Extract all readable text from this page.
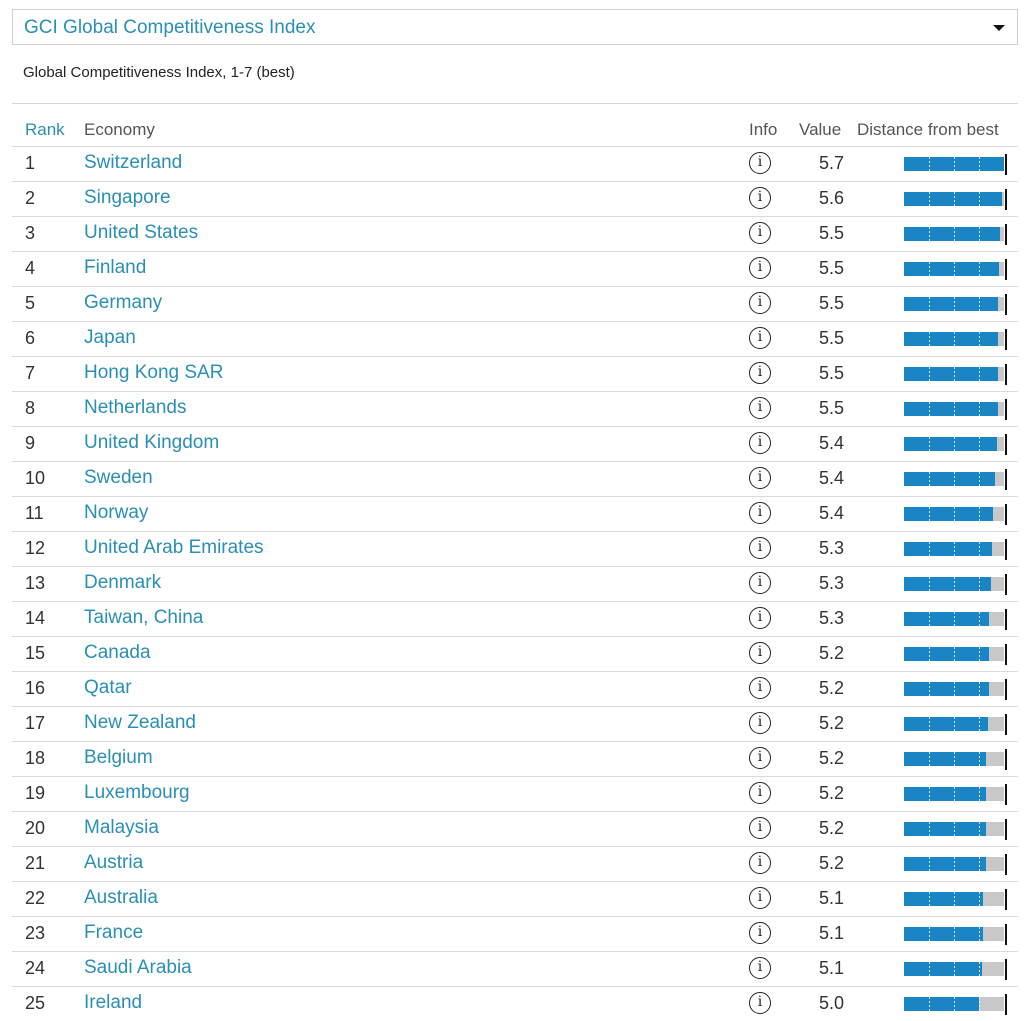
GCI Global Competitiveness Index
Global Competitiveness Index, 1-7 (best)
Rank Economy	Info Value Distance from best
1	Switzerland	i	5.7
2	Singapore	i	5.6
3	United States	i	5.5
4	Finland	i	5.5
5	Germany	i	5.5
6	Japan	i	5.5
7	Hong Kong SAR	i	5.5
8	Netherlands	i	5.5
9	United Kingdom	i	5.4
10 Sweden	i	5.4
11 Norway	i	5.4
12 United Arab Emirates	i	5.3
13 Denmark	i	5.3
14 Taiwan, China	i	5.3
15 Canada	i	5.2
16 Qatar	i	5.2
17 New Zealand	i	5.2
18 Belgium	i	5.2
19 Luxembourg	i	5.2
20 Malaysia	i	5.2
21 Austria	i	5.2
22 Australia	i	5.1
23 France	i	5.1
24 Saudi Arabia	i	5.1
25 Ireland	i	5.0
